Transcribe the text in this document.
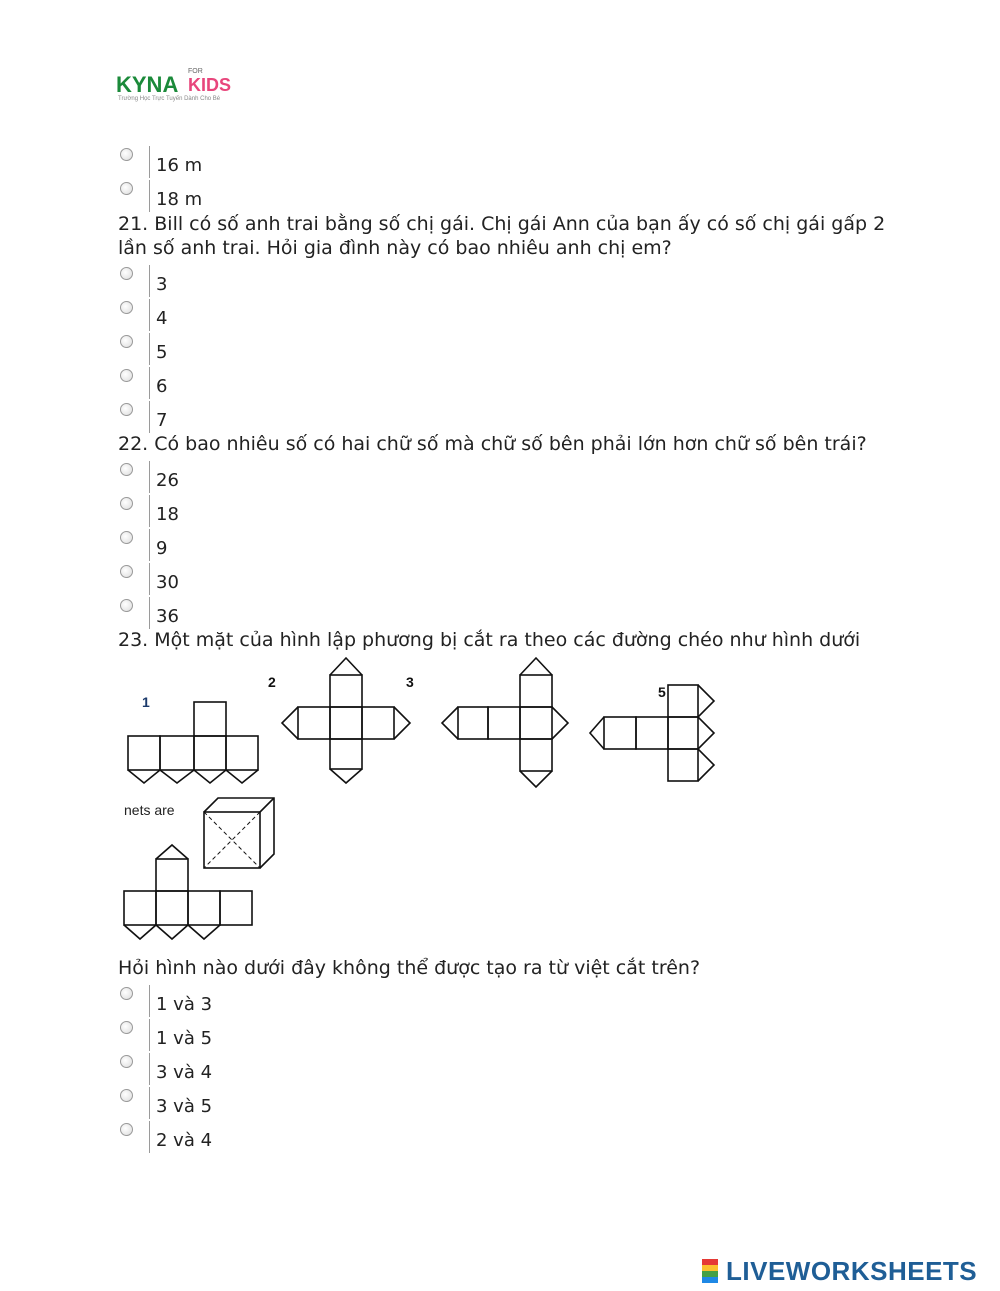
KYNA
FOR
KIDS
Trường Học Trực Tuyến Dành Cho Bé
16 m
18 m
21. Bill có số anh trai bằng số chị gái. Chị gái Ann của bạn ấy có số chị gái gấp 2
lần số anh trai. Hỏi gia đình này có bao nhiêu anh chị em?
3
4
5
6
7
22. Có bao nhiêu số có hai chữ số mà chữ số bên phải lớn hơn chữ số bên trái?
26
18
9
30
36
23. Một mặt của hình lập phương bị cắt ra theo các đường chéo như hình dưới
1
2	3
5
nets are
Hỏi hình nào dưới đây không thể được tạo ra từ việt cắt trên?
1 và 3
1 và 5
3 và 4
3 và 5
2 và 4
LIVEWORKSHEETS
